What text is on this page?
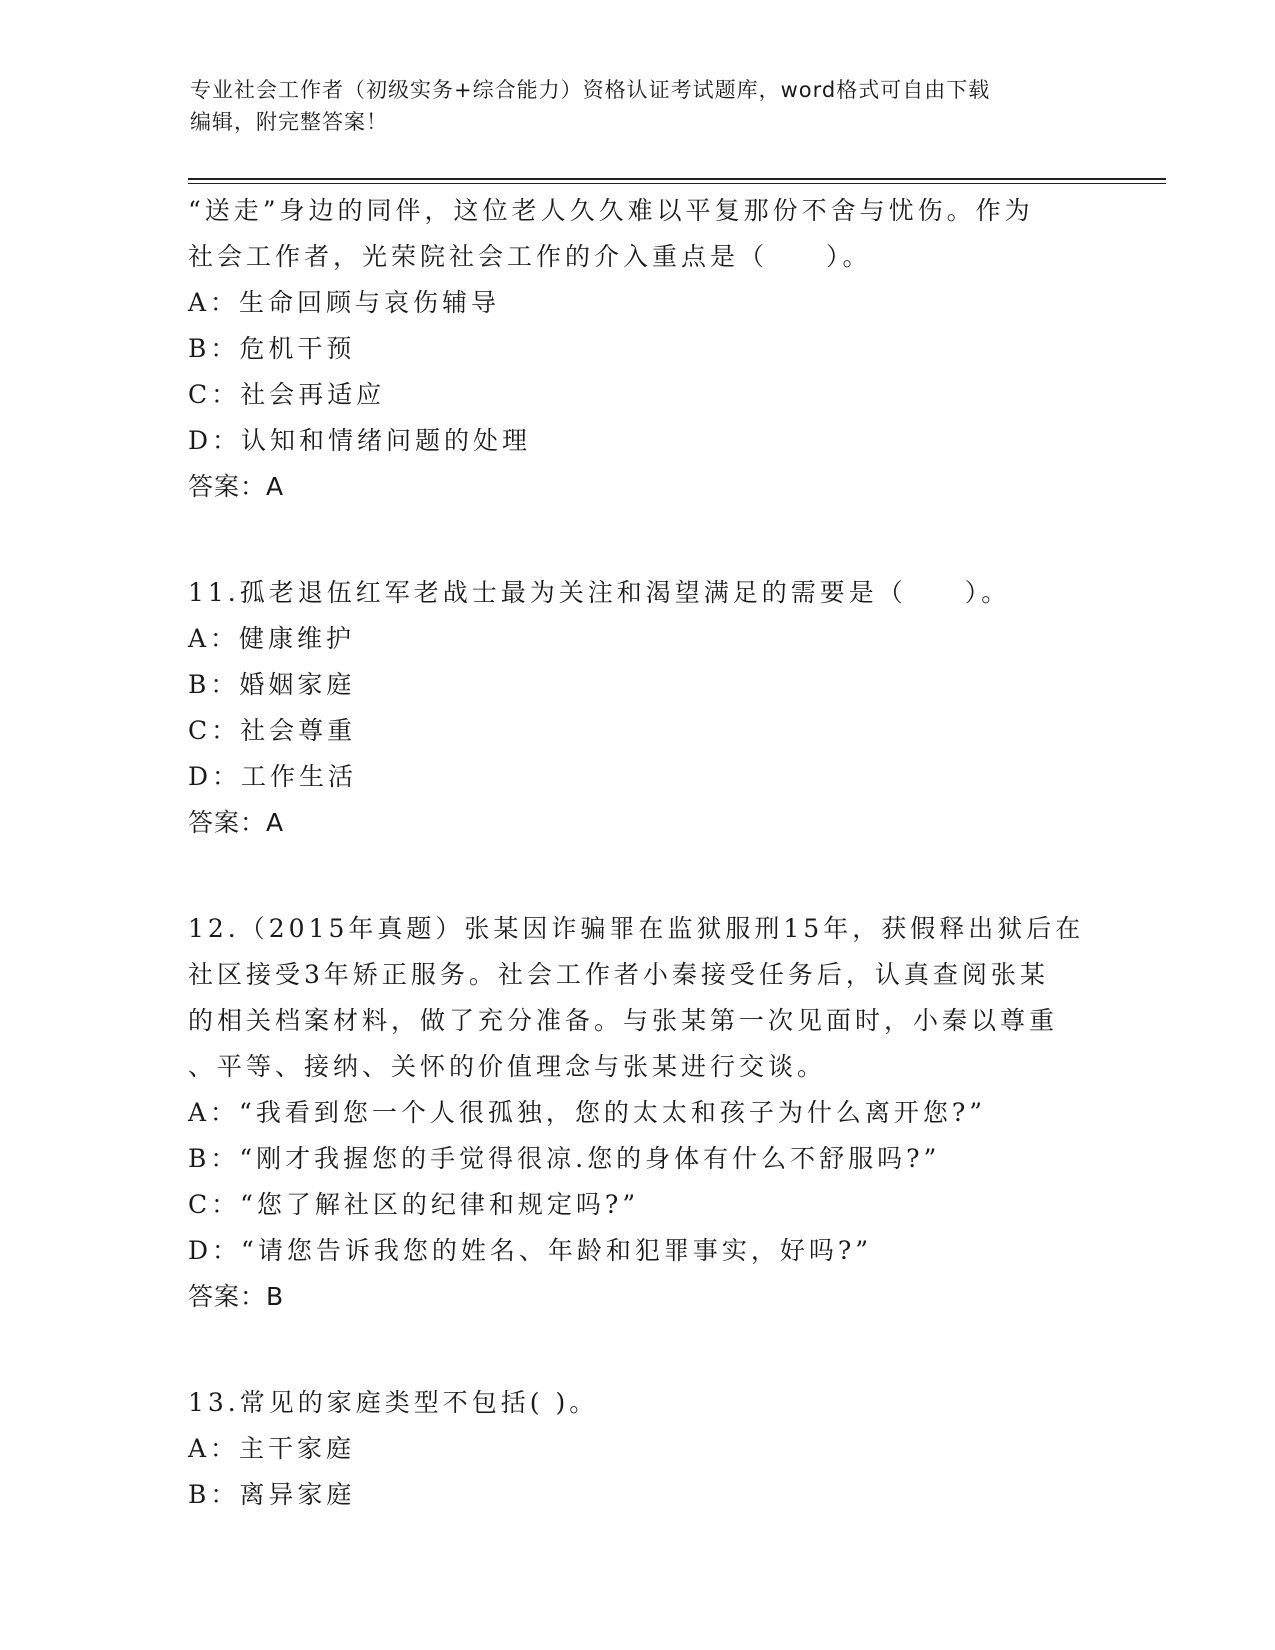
专业社会工作者（初级实务+综合能力）资格认证考试题库，word格式可自由下载
编辑，附完整答案！
“送走”身边的同伴，这位老人久久难以平复那份不舍与忧伤。作为
社会工作者，光荣院社会工作的介入重点是（　　）。
A：生命回顾与哀伤辅导
B：危机干预
C：社会再适应
D：认知和情绪问题的处理
答案：A
11.孤老退伍红军老战士最为关注和渴望满足的需要是（　　）。
A：健康维护
B：婚姻家庭
C：社会尊重
D：工作生活
答案：A
12.（2015年真题）张某因诈骗罪在监狱服刑15年，获假释出狱后在
社区接受3年矫正服务。社会工作者小秦接受任务后，认真查阅张某
的相关档案材料，做了充分准备。与张某第一次见面时，小秦以尊重
、平等、接纳、关怀的价值理念与张某进行交谈。
A：“我看到您一个人很孤独，您的太太和孩子为什么离开您?”
B：“刚才我握您的手觉得很凉.您的身体有什么不舒服吗?”
C：“您了解社区的纪律和规定吗?”
D：“请您告诉我您的姓名、年龄和犯罪事实，好吗?”
答案：B
13.常见的家庭类型不包括( )。
A：主干家庭
B：离异家庭
